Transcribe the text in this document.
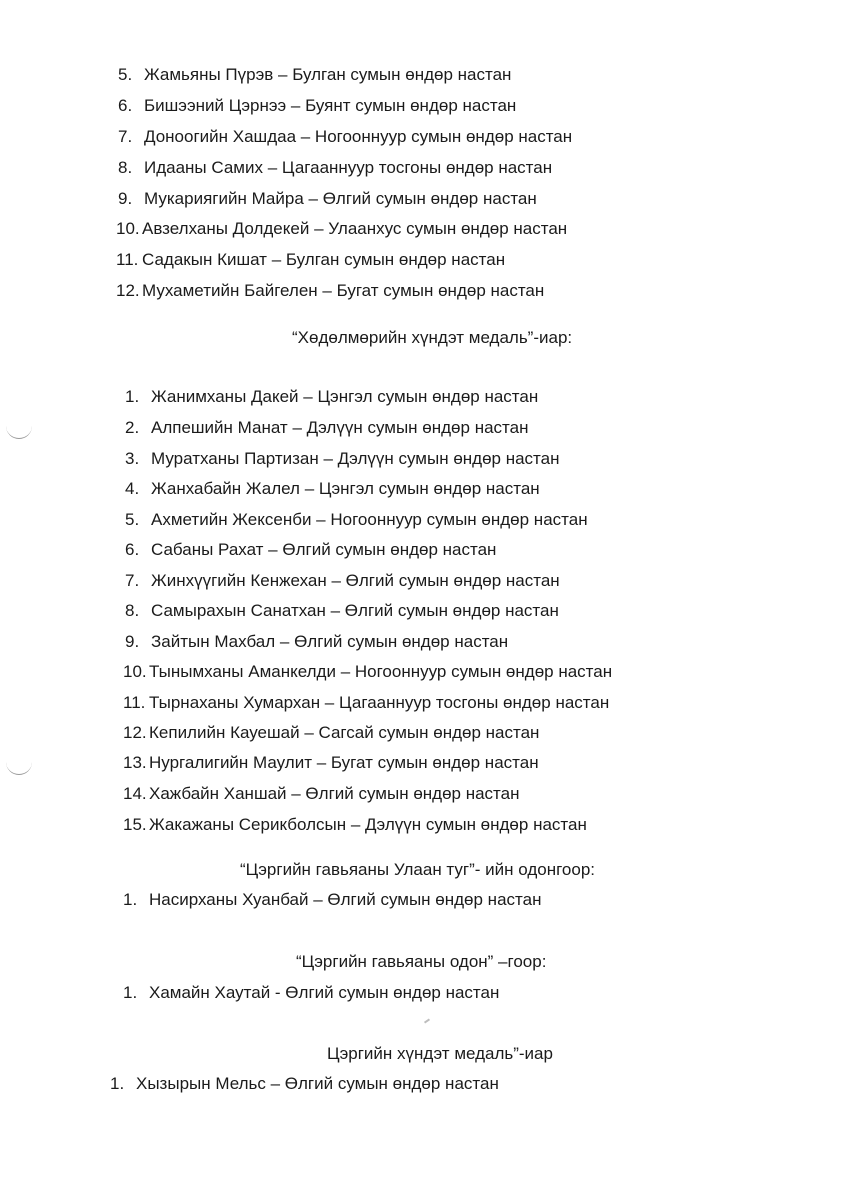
5. Жамьяны Пүрэв – Булган сумын өндөр настан
6. Бишээний Цэрнээ – Буянт сумын өндөр настан
7. Доноогийн Хашдаа – Ногооннуур сумын өндөр настан
8. Идааны Самих – Цагааннуур тосгоны өндөр настан
9. Мукариягийн Майра – Өлгий сумын өндөр настан
10. Авзелханы Долдекей – Улаанхус сумын өндөр настан
11. Садакын Кишат – Булган сумын өндөр настан
12. Мухаметийн Байгелен – Бугат сумын өндөр настан
“Хөдөлмөрийн хүндэт медаль”-иар:
1. Жанимханы Дакей – Цэнгэл сумын өндөр настан
2. Алпешийн Манат – Дэлүүн сумын өндөр настан
3. Муратханы Партизан – Дэлүүн сумын өндөр настан
4. Жанхабайн Жалел – Цэнгэл сумын өндөр настан
5. Ахметийн Жексенби – Ногооннуур сумын өндөр настан
6. Сабаны Рахат – Өлгий сумын өндөр настан
7. Жинхүүгийн Кенжехан – Өлгий сумын өндөр настан
8. Самырахын Санатхан – Өлгий сумын өндөр настан
9. Зайтын Махбал – Өлгий сумын өндөр настан
10. Тынымханы Аманкелди – Ногооннуур сумын өндөр настан
11. Тырнаханы Хумархан – Цагааннуур тосгоны өндөр настан
12. Кепилийн Кауешай – Сагсай сумын өндөр настан
13. Нургалигийн Маулит – Бугат сумын өндөр настан
14. Хажбайн Ханшай – Өлгий сумын өндөр настан
15. Жакажаны Серикболсын – Дэлүүн сумын өндөр настан
“Цэргийн гавьяаны Улаан туг”- ийн одонгоор:
1. Насирханы Хуанбай – Өлгий сумын өндөр настан
“Цэргийн гавьяаны одон” –гоор:
1. Хамайн Хаутай - Өлгий сумын өндөр настан
Цэргийн хүндэт медаль”-иар
1. Хызырын Мельс – Өлгий сумын өндөр настан
